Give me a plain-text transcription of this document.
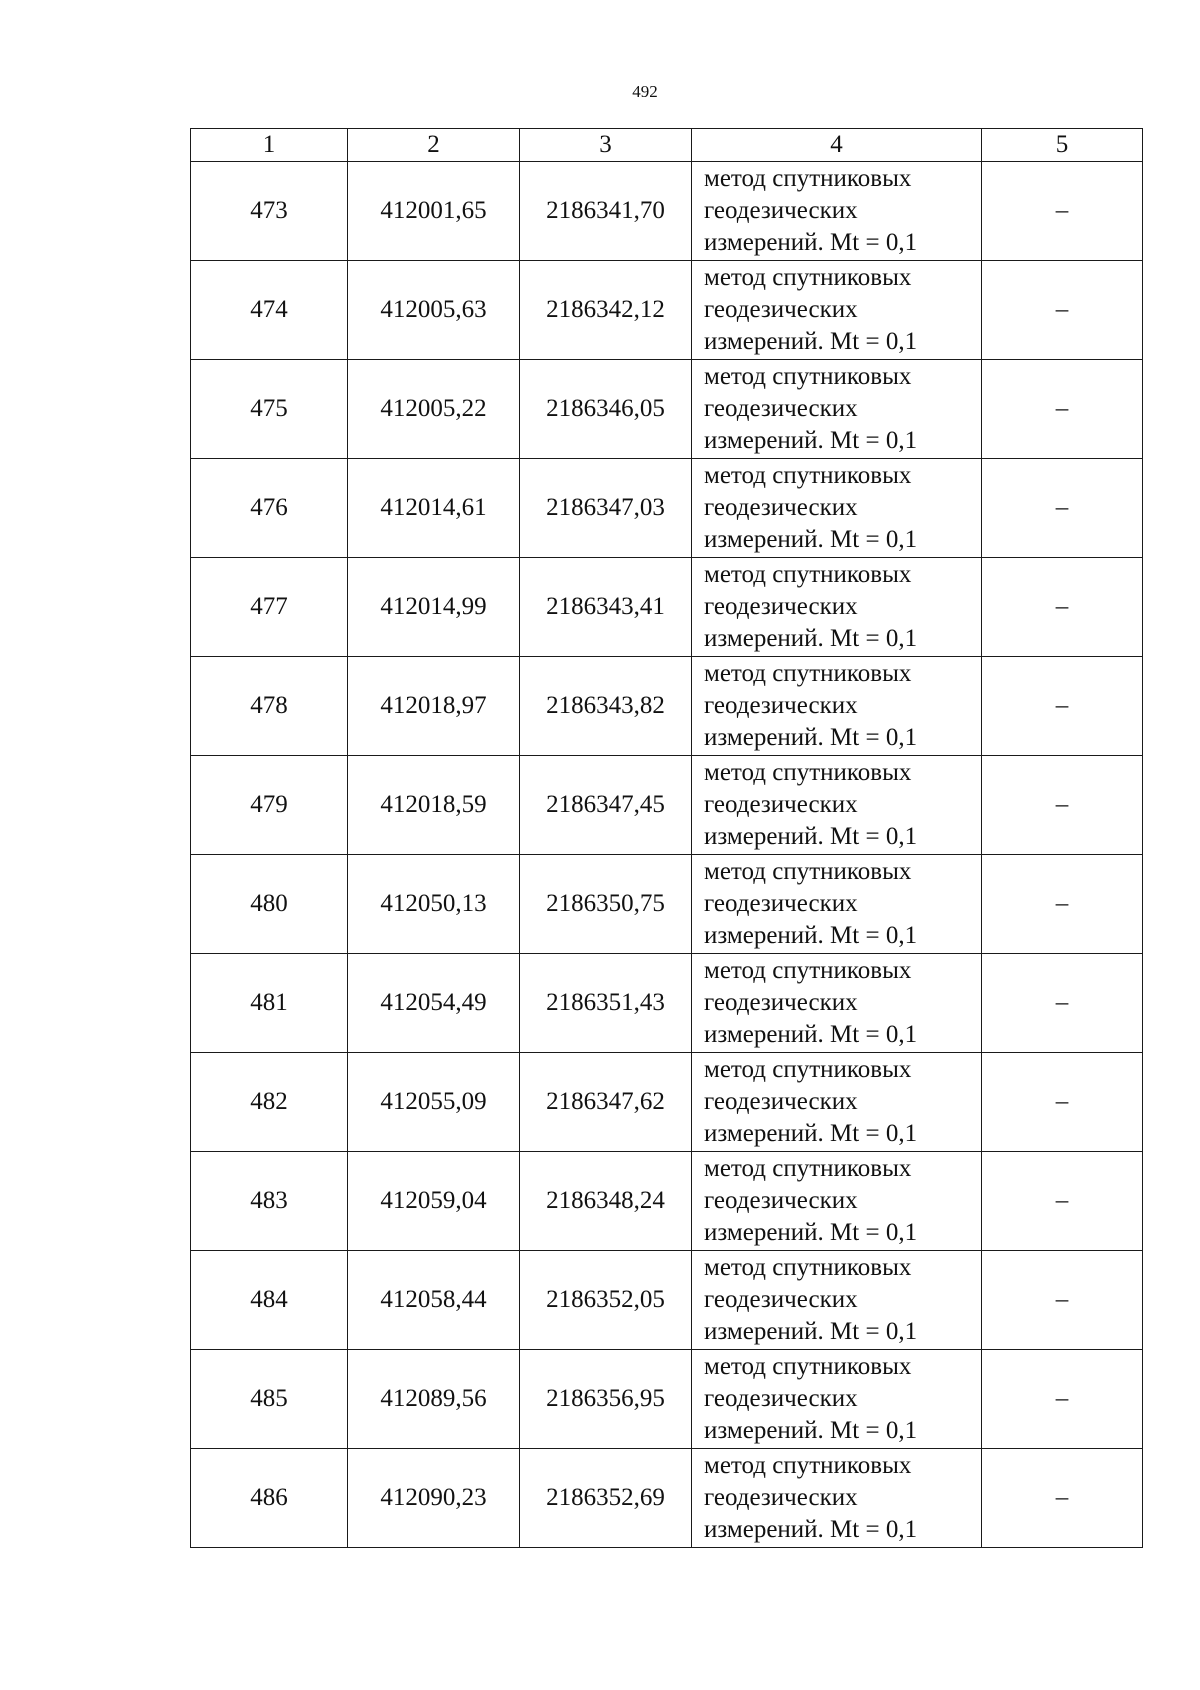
492
1	2	3	4	5
473	412001,65	2186341,70	метод спутниковых
геодезических
измерений. Mt = 0,1	–
474	412005,63	2186342,12	метод спутниковых
геодезических
измерений. Mt = 0,1	–
475	412005,22	2186346,05	метод спутниковых
геодезических
измерений. Mt = 0,1	–
476	412014,61	2186347,03	метод спутниковых
геодезических
измерений. Mt = 0,1	–
477	412014,99	2186343,41	метод спутниковых
геодезических
измерений. Mt = 0,1	–
478	412018,97	2186343,82	метод спутниковых
геодезических
измерений. Mt = 0,1	–
479	412018,59	2186347,45	метод спутниковых
геодезических
измерений. Mt = 0,1	–
480	412050,13	2186350,75	метод спутниковых
геодезических
измерений. Mt = 0,1	–
481	412054,49	2186351,43	метод спутниковых
геодезических
измерений. Mt = 0,1	–
482	412055,09	2186347,62	метод спутниковых
геодезических
измерений. Mt = 0,1	–
483	412059,04	2186348,24	метод спутниковых
геодезических
измерений. Mt = 0,1	–
484	412058,44	2186352,05	метод спутниковых
геодезических
измерений. Mt = 0,1	–
485	412089,56	2186356,95	метод спутниковых
геодезических
измерений. Mt = 0,1	–
486	412090,23	2186352,69	метод спутниковых
геодезических
измерений. Mt = 0,1	–
